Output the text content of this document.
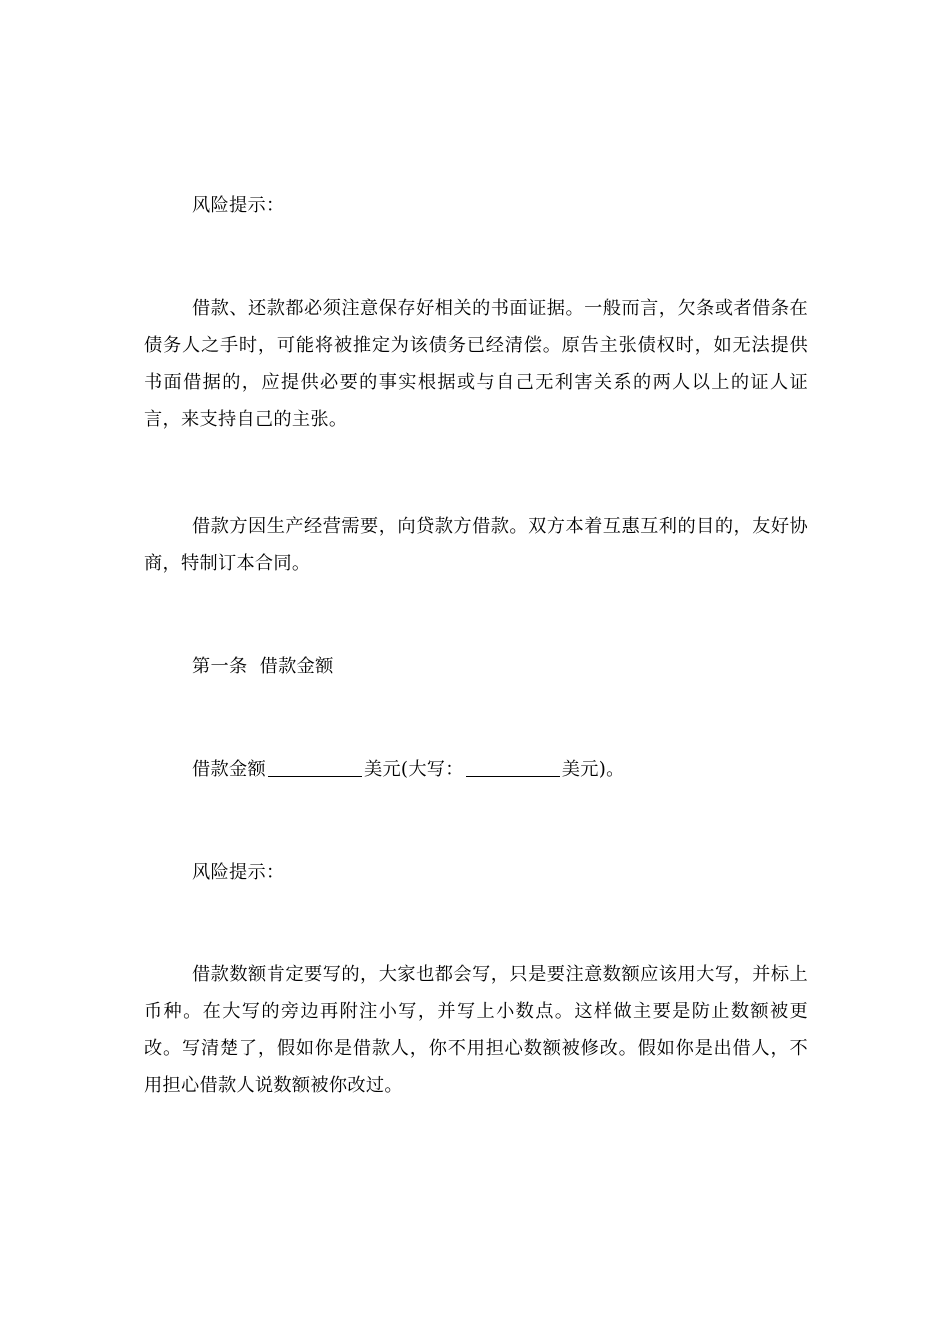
风险提示：

借款、还款都必须注意保存好相关的书面证据。一般而言，欠条或者借条在债务人之手时，可能将被推定为该债务已经清偿。原告主张债权时，如无法提供书面借据的，应提供必要的事实根据或与自己无利害关系的两人以上的证人证言，来支持自己的主张。

借款方因生产经营需要，向贷款方借款。双方本着互惠互利的目的，友好协商，特制订本合同。

第一条  借款金额

借款金额	美元(大写：	美元)。

风险提示：

借款数额肯定要写的，大家也都会写，只是要注意数额应该用大写，并标上币种。在大写的旁边再附注小写，并写上小数点。这样做主要是防止数额被更改。写清楚了，假如你是借款人，你不用担心数额被修改。假如你是出借人，不用担心借款人说数额被你改过。
